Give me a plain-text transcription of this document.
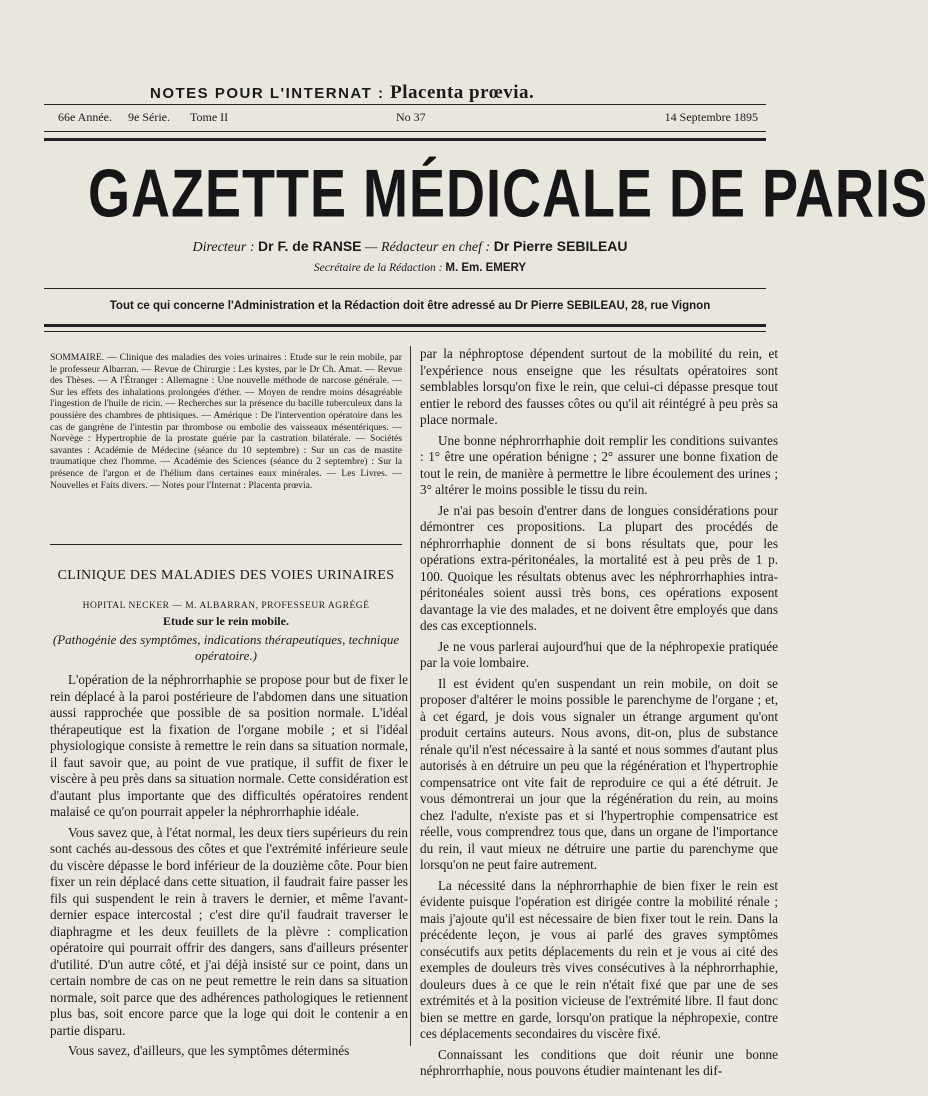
NOTES POUR L'INTERNAT : Placenta prœvia.
66e Année. 9e Série. Tome II	No 37	14 Septembre 1895
GAZETTE MÉDICALE DE PARIS
Directeur : Dr F. de RANSE — Rédacteur en chef : Dr Pierre SEBILEAU
Secrétaire de la Rédaction : M. Em. EMERY
Tout ce qui concerne l'Administration et la Rédaction doit être adressé au Dr Pierre SEBILEAU, 28, rue Vignon
SOMMAIRE. — Clinique des maladies des voies urinaires : Etude sur le rein mobile, par le professeur Albarran. — Revue de Chirurgie : Les kystes, par le Dr Ch. Amat. — Revue des Thèses. — A l'Étranger : Allemagne : Une nouvelle méthode de narcose générale. — Sur les effets des inhalations prolongées d'éther. — Moyen de rendre moins désagréable l'ingestion de l'huile de ricin. — Recherches sur la présence du bacille tuberculeux dans la poussière des chambres de phtisiques. — Amérique : De l'intervention opératoire dans les cas de gangrène de l'intestin par thrombose ou embolie des vaisseaux mésentériques. — Norvège : Hypertrophie de la prostate guérie par la castration bilatérale. — Sociétés savantes : Académie de Médecine (séance du 10 septembre) : Sur un cas de mastite traumatique chez l'homme. — Académie des Sciences (séance du 2 septembre) : Sur la présence de l'argon et de l'hélium dans certaines eaux minérales. — Les Livres. — Nouvelles et Faits divers. — Notes pour l'Internat : Placenta prœvia.
CLINIQUE DES MALADIES DES VOIES URINAIRES
HOPITAL NECKER — M. ALBARRAN, PROFESSEUR AGRÉGÉ
Etude sur le rein mobile.
(Pathogénie des symptômes, indications thérapeutiques, technique opératoire.)

L'opération de la néphrorrhaphie se propose pour but de fixer le rein déplacé à la paroi postérieure de l'abdomen dans une situation aussi rapprochée que possible de sa position normale. L'idéal thérapeutique est la fixation de l'organe mobile ; et si l'idéal physiologique consiste à remettre le rein dans sa situation normale, il faut savoir que, au point de vue pratique, il suffit de fixer le viscère à peu près dans sa situation normale. Cette considération est d'autant plus importante que des difficultés opératoires rendent malaisé ce qu'on pourrait appeler la néphrorrhaphie idéale.

Vous savez que, à l'état normal, les deux tiers supérieurs du rein sont cachés au-dessous des côtes et que l'extrémité inférieure seule du viscère dépasse le bord inférieur de la douzième côte. Pour bien fixer un rein déplacé dans cette situation, il faudrait faire passer les fils qui suspendent le rein à travers le dernier, et même l'avant-dernier espace intercostal ; c'est dire qu'il faudrait traverser le diaphragme et les deux feuillets de la plèvre : complication opératoire qui pourrait offrir des dangers, sans d'ailleurs présenter d'utilité. D'un autre côté, et j'ai déjà insisté sur ce point, dans un certain nombre de cas on ne peut remettre le rein dans sa situation normale, soit parce que des adhérences pathologiques le retiennent plus bas, soit encore parce que la loge qui doit le contenir a en partie disparu.

Vous savez, d'ailleurs, que les symptômes déterminés

par la néphroptose dépendent surtout de la mobilité du rein, et l'expérience nous enseigne que les résultats opératoires sont semblables lorsqu'on fixe le rein, que celui-ci dépasse presque tout entier le rebord des fausses côtes ou qu'il ait réintégré à peu près sa place normale.

Une bonne néphrorrhaphie doit remplir les conditions suivantes : 1° être une opération bénigne ; 2° assurer une bonne fixation de tout le rein, de manière à permettre le libre écoulement des urines ; 3° altérer le moins possible le tissu du rein.

Je n'ai pas besoin d'entrer dans de longues considérations pour démontrer ces propositions. La plupart des procédés de néphrorrhaphie donnent de si bons résultats que, pour les opérations extra-péritonéales, la mortalité est à peu près de 1 p. 100. Quoique les résultats obtenus avec les néphrorrhaphies intra-péritonéales soient aussi très bons, ces opérations exposent davantage la vie des malades, et ne doivent être employés que dans des cas exceptionnels.

Je ne vous parlerai aujourd'hui que de la néphropexie pratiquée par la voie lombaire.

Il est évident qu'en suspendant un rein mobile, on doit se proposer d'altérer le moins possible le parenchyme de l'organe ; et, à cet égard, je dois vous signaler un étrange argument qu'ont produit certains auteurs. Nous avons, dit-on, plus de substance rénale qu'il n'est nécessaire à la santé et nous sommes d'autant plus autorisés à en détruire un peu que la régénération et l'hypertrophie compensatrice ont vite fait de reproduire ce qui a été détruit. Je vous démontrerai un jour que la régénération du rein, au moins chez l'adulte, n'existe pas et si l'hypertrophie compensatrice est réelle, vous comprendrez tous que, dans un organe de l'importance du rein, il vaut mieux ne détruire une partie du parenchyme que lorsqu'on ne peut faire autrement.

La nécessité dans la néphrorrhaphie de bien fixer le rein est évidente puisque l'opération est dirigée contre la mobilité rénale ; mais j'ajoute qu'il est nécessaire de bien fixer tout le rein. Dans la précédente leçon, je vous ai parlé des graves symptômes consécutifs aux petits déplacements du rein et je vous ai cité des exemples de douleurs très vives consécutives à la néphrorrhaphie, douleurs dues à ce que le rein n'était fixé que par une de ses extrémités et à la position vicieuse de l'extrémité libre. Il faut donc bien se mettre en garde, lorsqu'on pratique la néphropexie, contre ces déplacements secondaires du viscère fixé.

Connaissant les conditions que doit réunir une bonne néphrorrhaphie, nous pouvons étudier maintenant les dif-
